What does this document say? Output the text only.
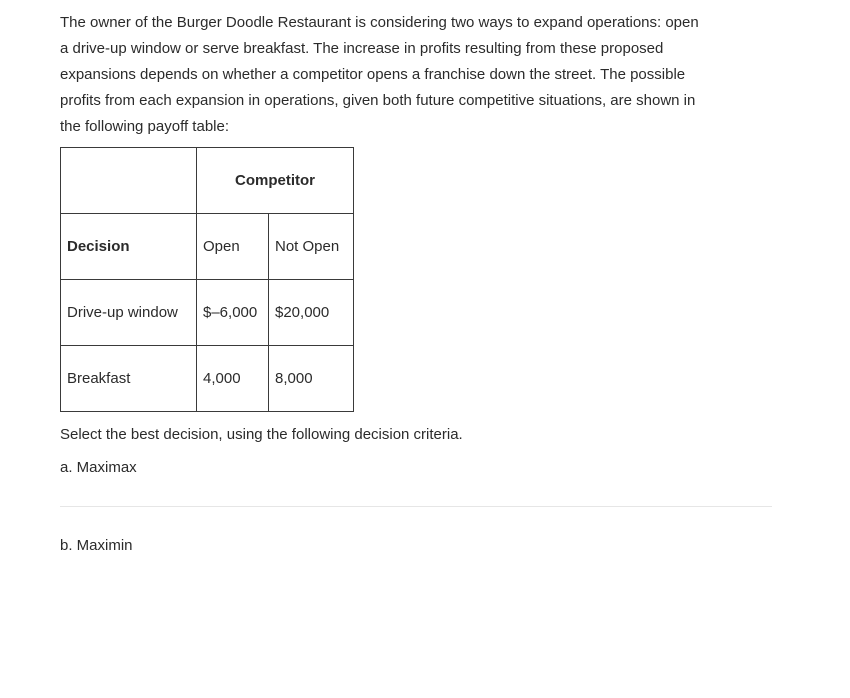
The owner of the Burger Doodle Restaurant is considering two ways to expand operations: open
a drive-up window or serve breakfast. The increase in profits resulting from these proposed
expansions depends on whether a competitor opens a franchise down the street. The possible
profits from each expansion in operations, given both future competitive situations, are shown in
the following payoff table:

	Competitor	
Decision	Open	Not Open
Drive-up window	$–6,000	$20,000
Breakfast	4,000	8,000
Select the best decision, using the following decision criteria.
a. Maximax
b. Maximin
